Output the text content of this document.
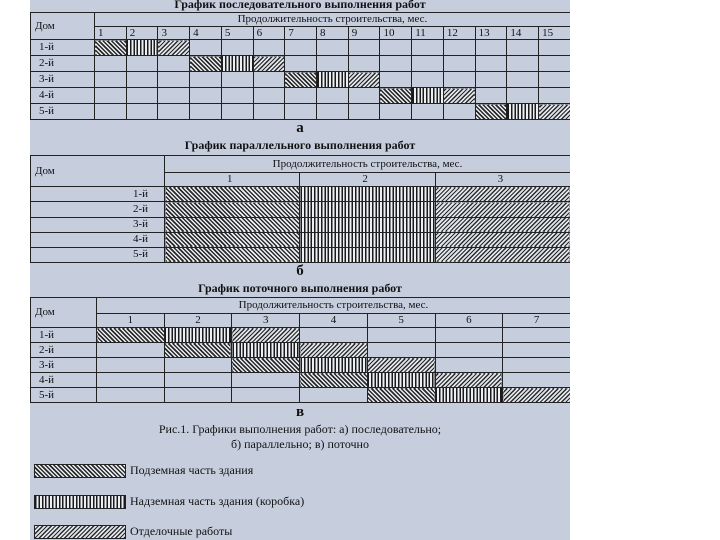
График последовательного выполнения работ
Дом	Продолжительность строительства, мес.														
	1	2	3	4	5	6	7	8	9	10	11	12	13	14	15
1-й															
2-й															
3-й															
4-й															
5-й															
а
График параллельного выполнения работ
Дом	Продолжительность строительства, мес.		
	1	2	3
1-й			
2-й			
3-й			
4-й			
5-й			
б
График поточного выполнения работ
Дом	Продолжительность строительства, мес.						
	1	2	3	4	5	6	7
1-й							
2-й							
3-й							
4-й							
5-й							
в
Рис.1. Графики выполнения работ: а) последовательно;
б) параллельно; в) поточно
Подземная часть здания
Надземная часть здания (коробка)
Отделочные работы
